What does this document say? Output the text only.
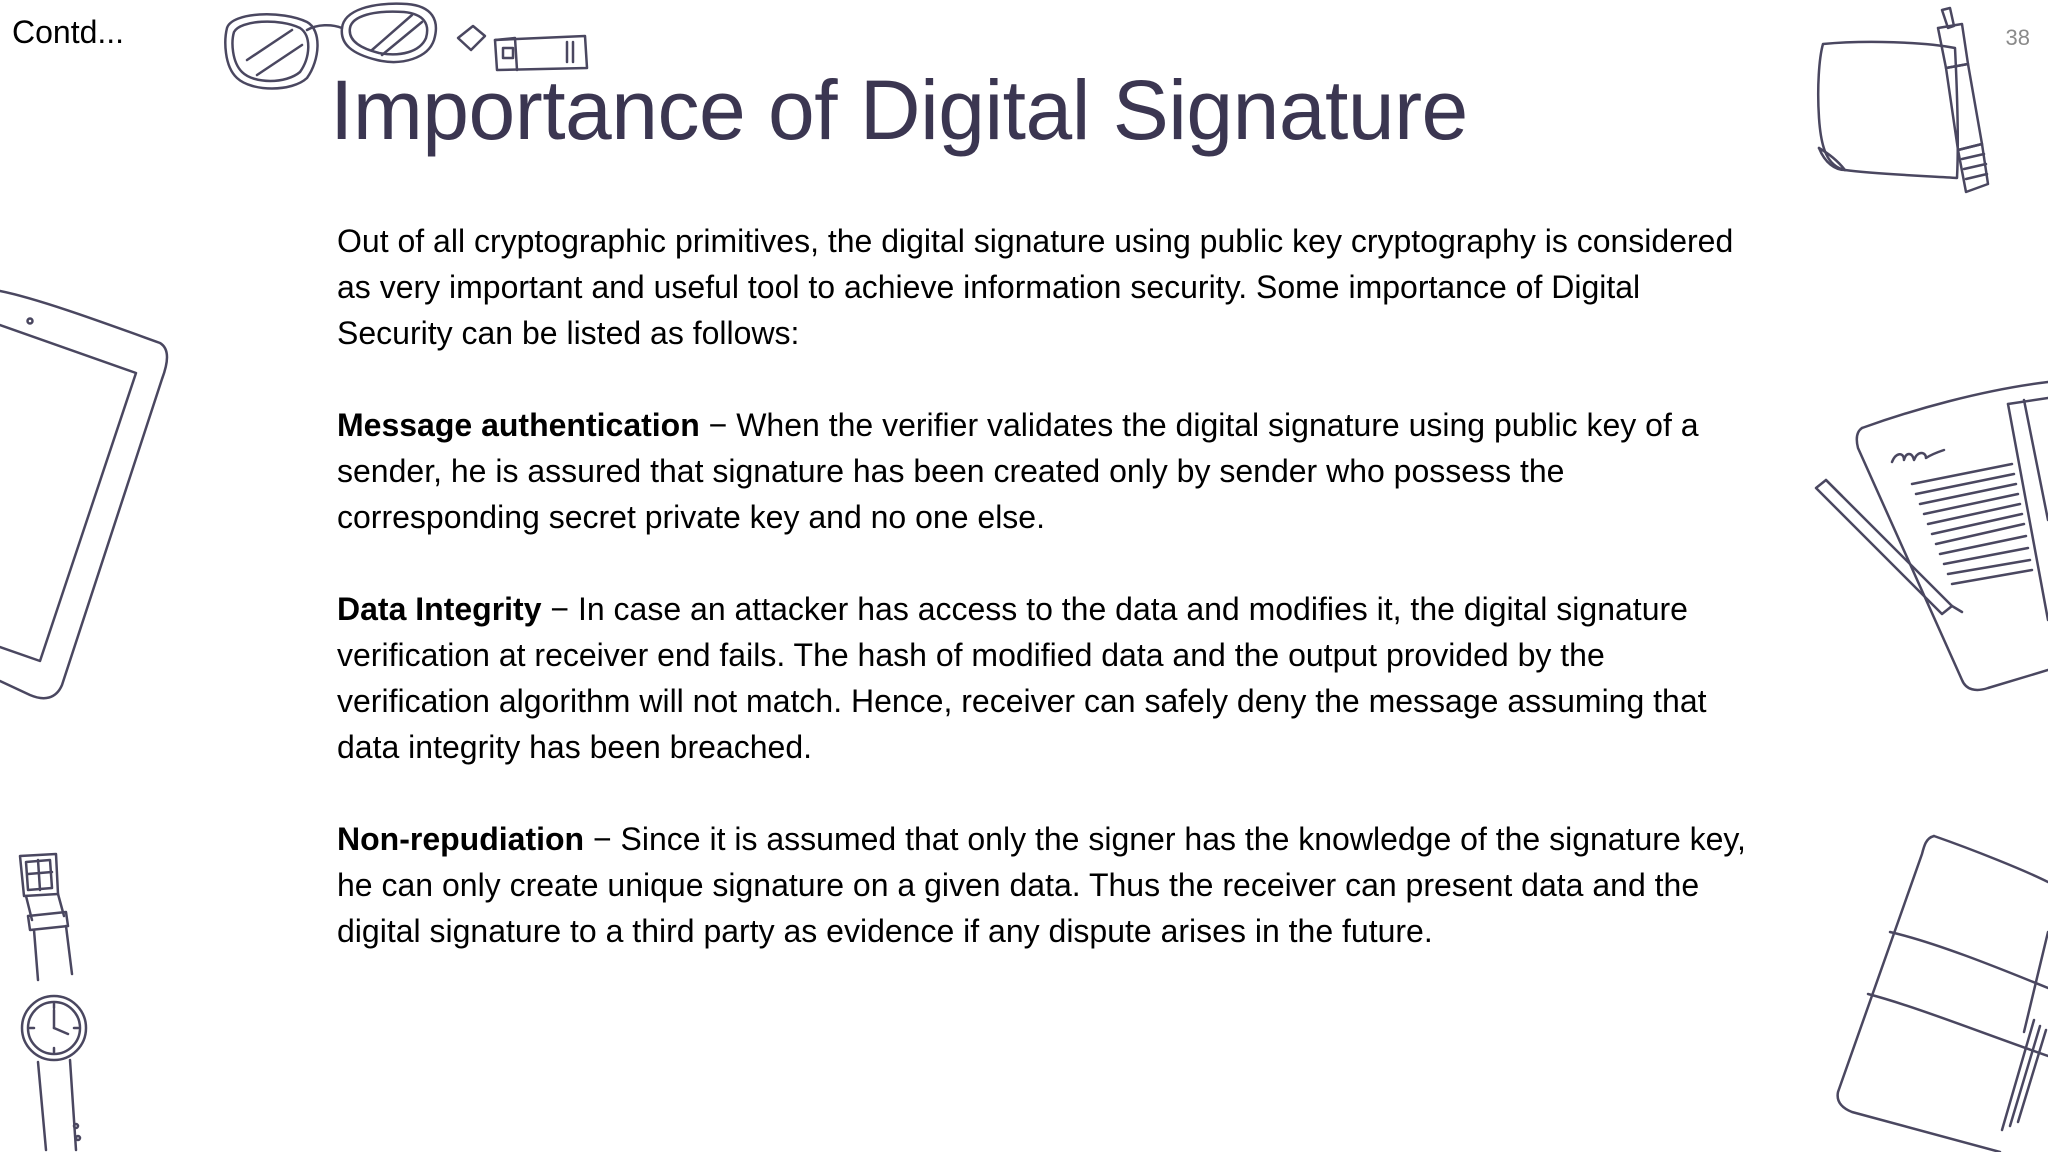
Contd...	38
Importance of Digital Signature

Out of all cryptographic primitives, the digital signature using public key cryptography is considered as very important and useful tool to achieve information security. Some importance of Digital Security can be listed as follows:

Message authentication − When the verifier validates the digital signature using public key of a sender, he is assured that signature has been created only by sender who possess the corresponding secret private key and no one else.

Data Integrity − In case an attacker has access to the data and modifies it, the digital signature verification at receiver end fails. The hash of modified data and the output provided by the verification algorithm will not match. Hence, receiver can safely deny the message assuming that data integrity has been breached.

Non-repudiation − Since it is assumed that only the signer has the knowledge of the signature key, he can only create unique signature on a given data. Thus the receiver can present data and the digital signature to a third party as evidence if any dispute arises in the future.
